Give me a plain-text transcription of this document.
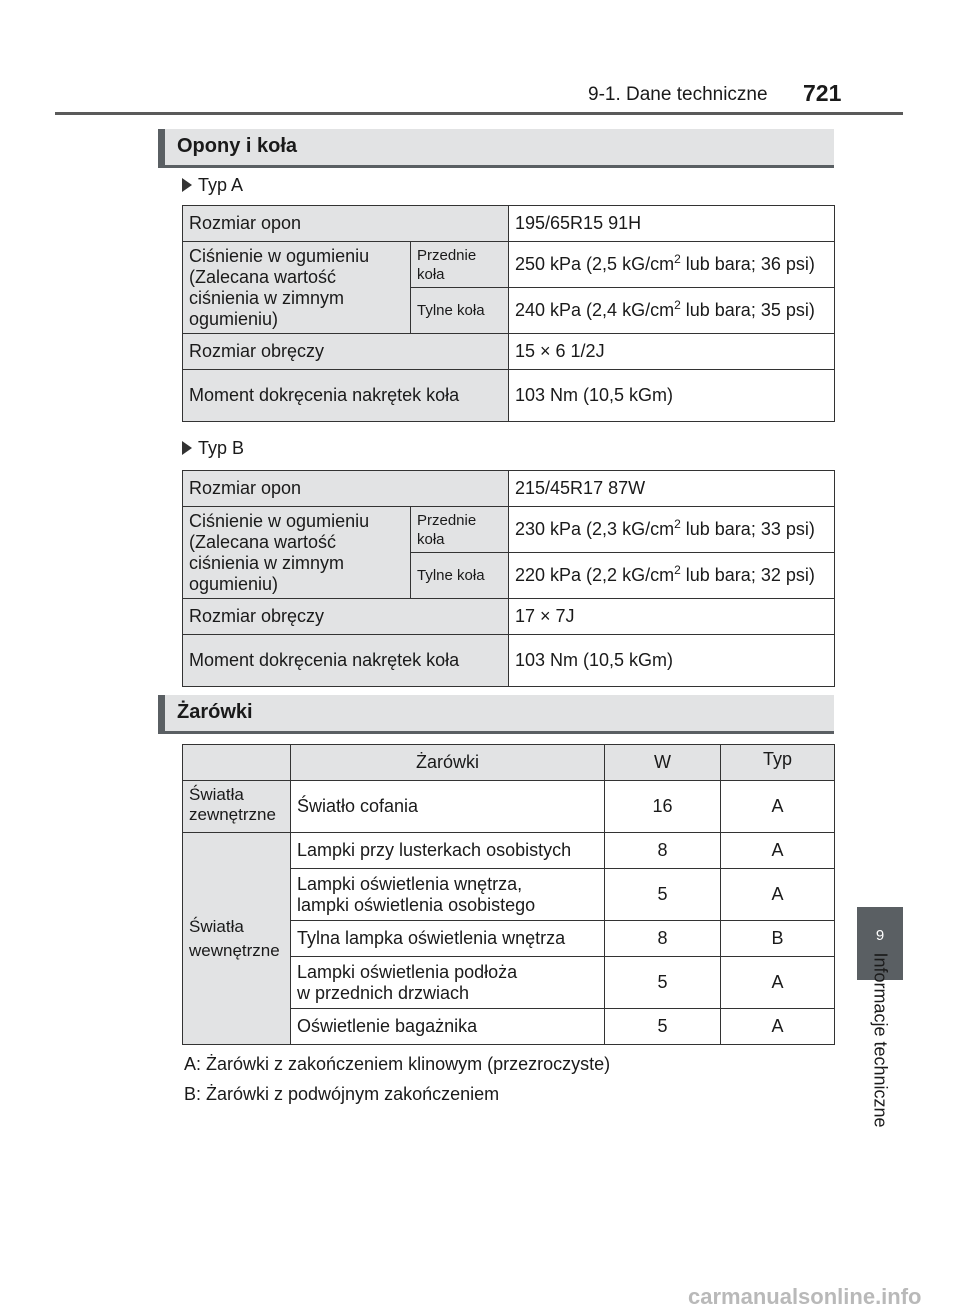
9-1. Dane techniczne 721
Opony i koła
Typ A
Rozmiar opon		195/65R15 91H
Ciśnienie w ogumieniu (Zalecana wartość ciśnienia w zimnym ogumieniu)	Przednie koła	250 kPa (2,5 $kG/cm^2$ lub bara; 36 psi)
	Tylne koła	240 kPa (2,4 $kG/cm^2$ lub bara; 35 psi)
Rozmiar obręczy		15 × 6 1/2J
Moment dokręcenia nakrętek koła		103 Nm (10,5 kGm)
Typ B
Rozmiar opon		215/45R17 87W
Ciśnienie w ogumieniu (Zalecana wartość ciśnienia w zimnym ogumieniu)	Przednie koła	230 kPa (2,3 $kG/cm^2$ lub bara; 33 psi)
	Tylne koła	220 kPa (2,2 $kG/cm^2$ lub bara; 32 psi)
Rozmiar obręczy		17 × 7J
Moment dokręcenia nakrętek koła		103 Nm (10,5 kGm)
Żarówki
	Żarówki	W	Typ
Światła zewnętrzne	Światło cofania	16	A
Światła wewnętrzne	Lampki przy lusterkach osobistych	8	A
	Lampki oświetlenia wnętrza,
lampki oświetlenia osobistego	5	A
	Tylna lampka oświetlenia wnętrza	8	B
	Lampki oświetlenia podłoża
w przednich drzwiach	5	A
	Oświetlenie bagażnika	5	A
A: Żarówki z zakończeniem klinowym (przezroczyste)
B: Żarówki z podwójnym zakończeniem
9
Informacje techniczne
carmanualsonline.info
